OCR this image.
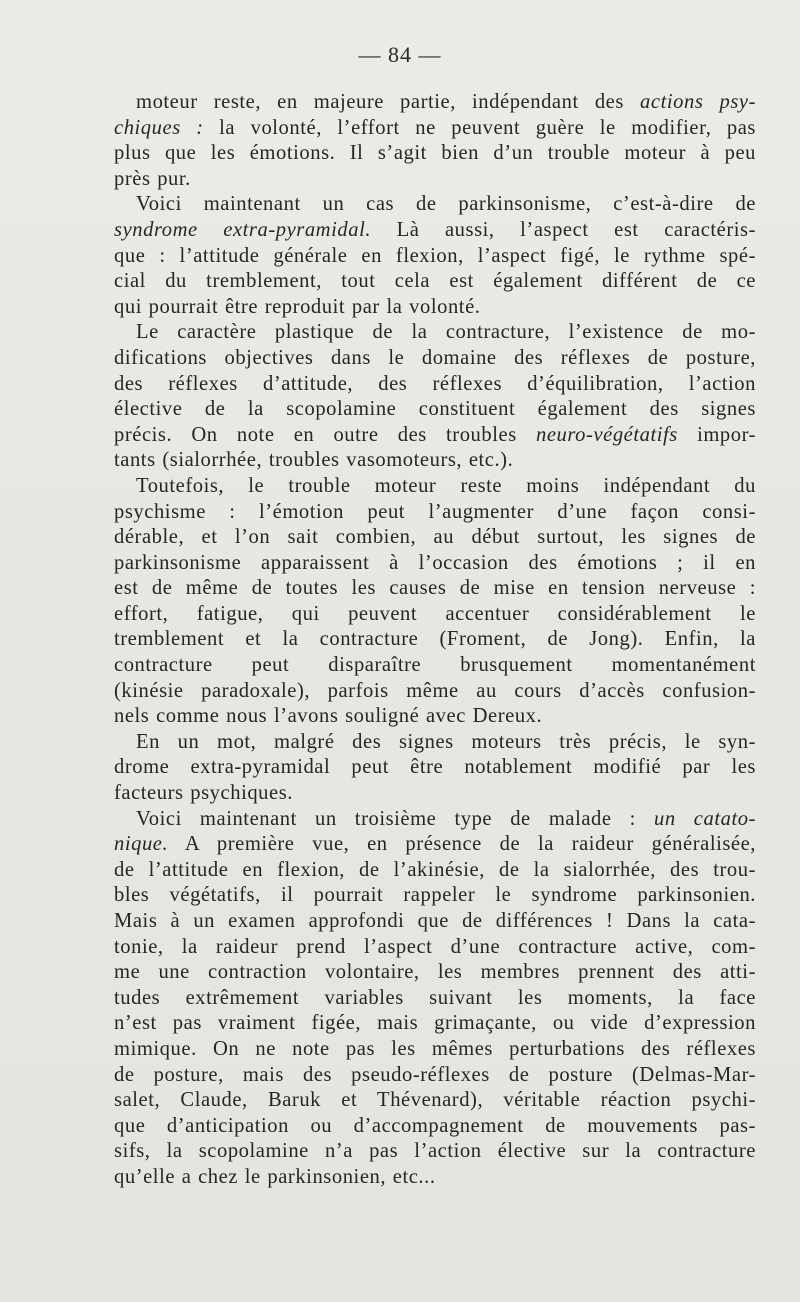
— 84 —
moteur reste, en majeure partie, indépendant des actions psy-
chiques : la volonté, l’effort ne peuvent guère le modifier, pas
plus que les émotions. Il s’agit bien d’un trouble moteur à peu
près pur.
Voici maintenant un cas de parkinsonisme, c’est-à-dire de
syndrome extra-pyramidal. Là aussi, l’aspect est caractéris-
que : l’attitude générale en flexion, l’aspect figé, le rythme spé-
cial du tremblement, tout cela est également différent de ce
qui pourrait être reproduit par la volonté.
Le caractère plastique de la contracture, l’existence de mo-
difications objectives dans le domaine des réflexes de posture,
des réflexes d’attitude, des réflexes d’équilibration, l’action
élective de la scopolamine constituent également des signes
précis. On note en outre des troubles neuro-végétatifs impor-
tants (sialorrhée, troubles vasomoteurs, etc.).
Toutefois, le trouble moteur reste moins indépendant du
psychisme : l’émotion peut l’augmenter d’une façon consi-
dérable, et l’on sait combien, au début surtout, les signes de
parkinsonisme apparaissent à l’occasion des émotions ; il en
est de même de toutes les causes de mise en tension nerveuse :
effort, fatigue, qui peuvent accentuer considérablement le
tremblement et la contracture (Froment, de Jong). Enfin, la
contracture peut disparaître brusquement momentanément
(kinésie paradoxale), parfois même au cours d’accès confusion-
nels comme nous l’avons souligné avec Dereux.
En un mot, malgré des signes moteurs très précis, le syn-
drome extra-pyramidal peut être notablement modifié par les
facteurs psychiques.
Voici maintenant un troisième type de malade : un catato-
nique. A première vue, en présence de la raideur généralisée,
de l’attitude en flexion, de l’akinésie, de la sialorrhée, des trou-
bles végétatifs, il pourrait rappeler le syndrome parkinsonien.
Mais à un examen approfondi que de différences ! Dans la cata-
tonie, la raideur prend l’aspect d’une contracture active, com-
me une contraction volontaire, les membres prennent des atti-
tudes extrêmement variables suivant les moments, la face
n’est pas vraiment figée, mais grimaçante, ou vide d’expression
mimique. On ne note pas les mêmes perturbations des réflexes
de posture, mais des pseudo-réflexes de posture (Delmas-Mar-
salet, Claude, Baruk et Thévenard), véritable réaction psychi-
que d’anticipation ou d’accompagnement de mouvements pas-
sifs, la scopolamine n’a pas l’action élective sur la contracture
qu’elle a chez le parkinsonien, etc...
